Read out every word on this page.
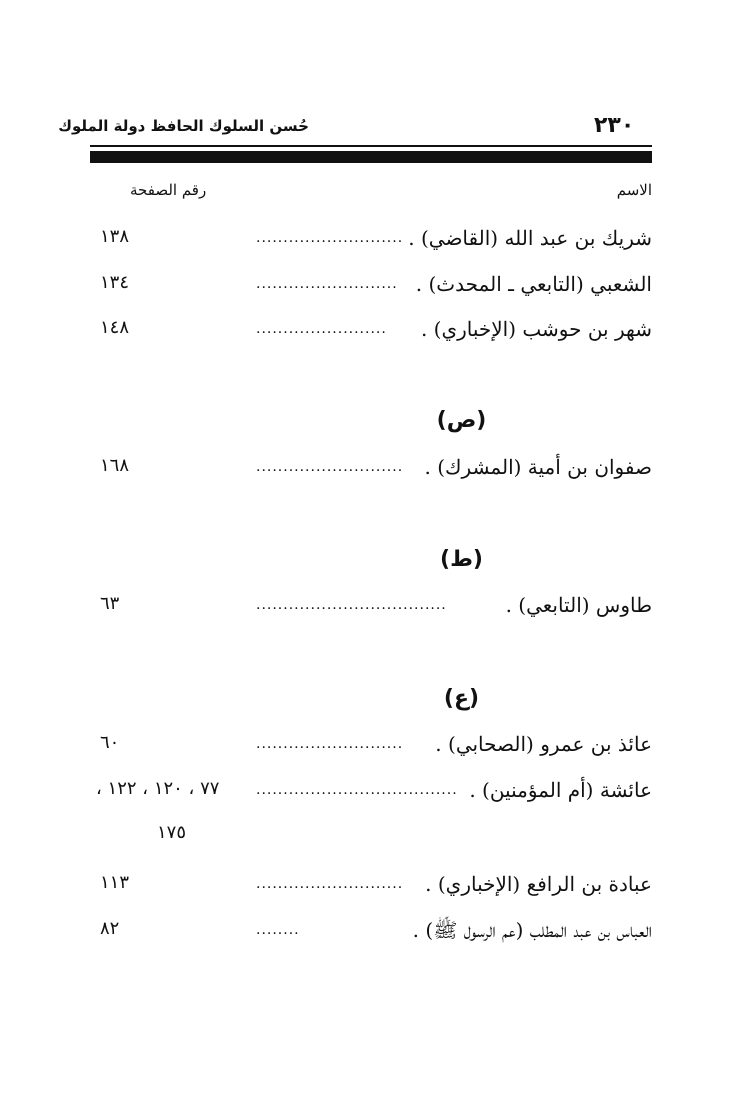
حُسن السلوك الحافظ دولة الملوك	٢٣٠
الاسم
رقم الصفحة
شريك بن عبد الله (القاضي) .
...........................
١٣٨
الشعبي (التابعي ـ المحدث) .
..........................
١٣٤
شهر بن حوشب (الإخباري) .
........................
١٤٨
(ص)
صفوان بن أمية (المشرك) .
...........................
١٦٨
(ط)
طاوس (التابعي) .
...................................
٦٣
(ع)
عائذ بن عمرو (الصحابي) .
...........................
٦٠
عائشة (أم المؤمنين) .
.....................................
٧٧ ، ١٢٠ ، ١٢٢ ،
١٧٥
عبادة بن الرافع (الإخباري) .
...........................
١١٣
العباس بن عبد المطلب (عم الرسول ﷺ) .
........
٨٢
